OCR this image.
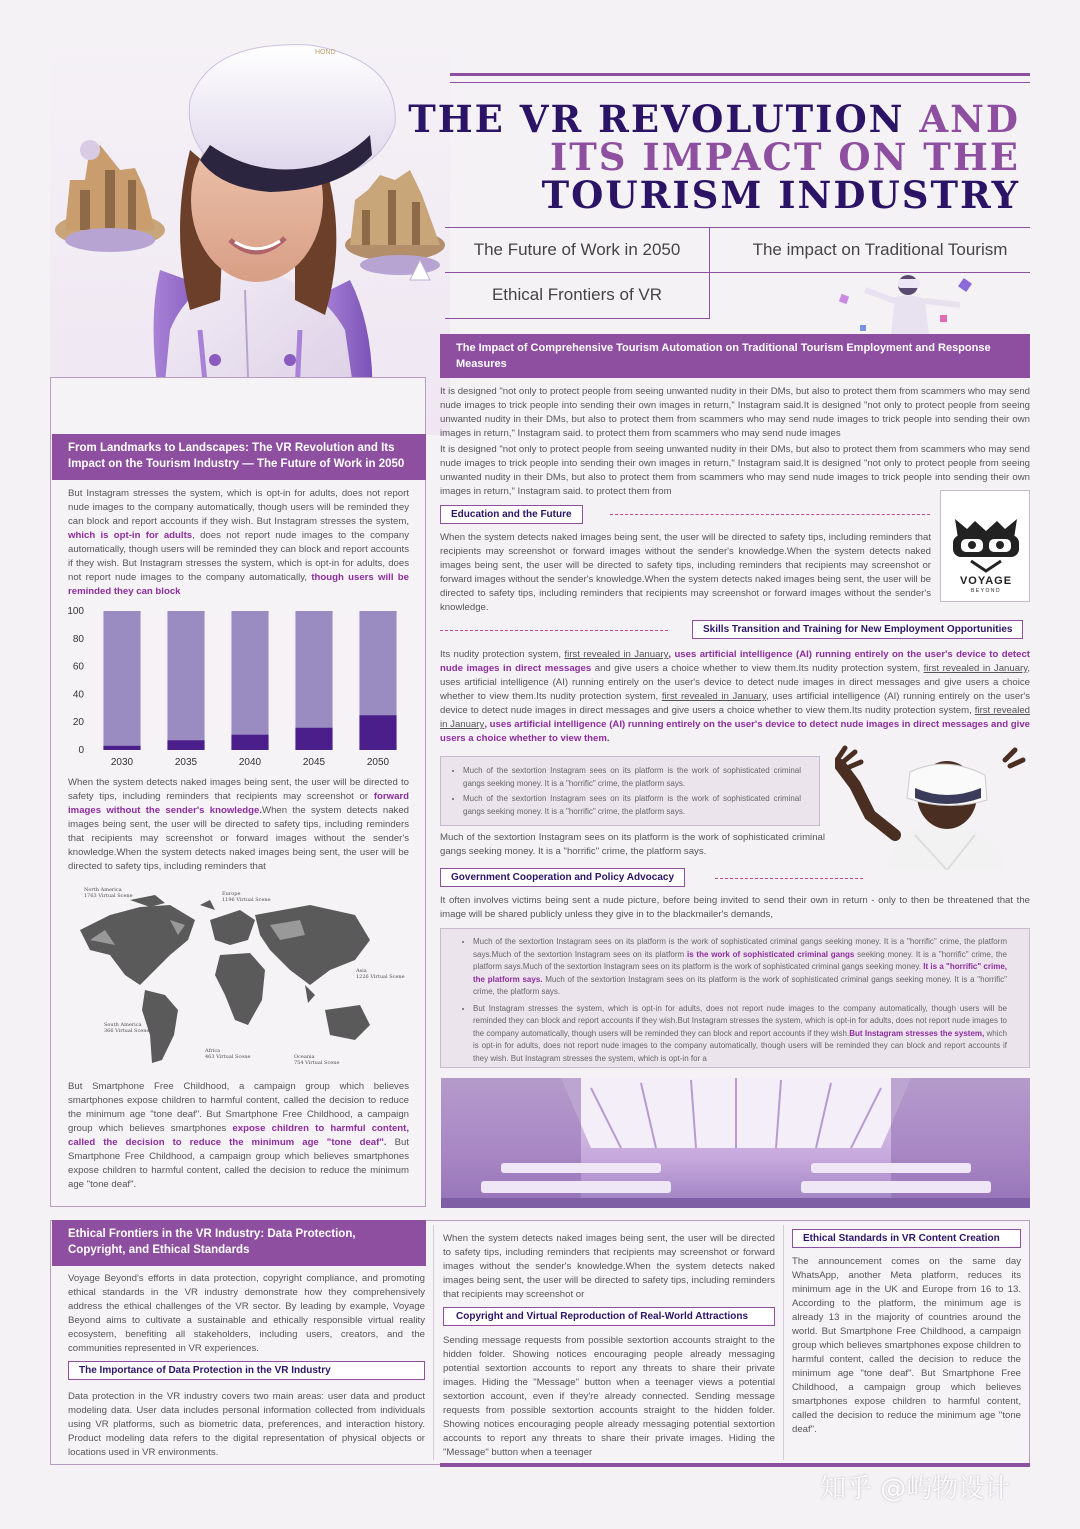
HOND
THE VR REVOLUTION AND
ITS IMPACT ON THE
TOURISM INDUSTRY
The Future of Work in 2050	The impact on Traditional Tourism
Ethical Frontiers of VR
From Landmarks to Landscapes: The VR Revolution and Its Impact on the Tourism Industry — The Future of Work in 2050

But Instagram stresses the system, which is opt-in for adults, does not report nude images to the company automatically, though users will be reminded they can block and report accounts if they wish. But Instagram stresses the system, which is opt-in for adults, does not report nude images to the company automatically, though users will be reminded they can block and report accounts if they wish. But Instagram stresses the system, which is opt-in for adults, does not report nude images to the company automatically, though users will be reminded they can block

0
20
40
60
80
100
2030	2035	2040	2045	2050

When the system detects naked images being sent, the user will be directed to safety tips, including reminders that recipients may screenshot or forward images without the sender's knowledge.When the system detects naked images being sent, the user will be directed to safety tips, including reminders that recipients may screenshot or forward images without the sender's knowledge.When the system detects naked images being sent, the user will be directed to safety tips, including reminders that

North America
1763 Virtual Scene	Europe
1196 Virtual Scene
Asia
1226 Virtual Scene
South America
366 Virtual Scene
Africa
463 Virtual Scene	Oceania
754 Virtual Scene

But Smartphone Free Childhood, a campaign group which believes smartphones expose children to harmful content, called the decision to reduce the minimum age "tone deaf". But Smartphone Free Childhood, a campaign group which believes smartphones expose children to harmful content, called the decision to reduce the minimum age "tone deaf". But Smartphone Free Childhood, a campaign group which believes smartphones expose children to harmful content, called the decision to reduce the minimum age "tone deaf".

The Impact of Comprehensive Tourism Automation on Traditional Tourism Employment and Response Measures

It is designed "not only to protect people from seeing unwanted nudity in their DMs, but also to protect them from scammers who may send nude images to trick people into sending their own images in return," Instagram said.It is designed "not only to protect people from seeing unwanted nudity in their DMs, but also to protect them from scammers who may send nude images to trick people into sending their own images in return," Instagram said. to protect them from scammers who may send nude images

It is designed "not only to protect people from seeing unwanted nudity in their DMs, but also to protect them from scammers who may send nude images to trick people into sending their own images in return," Instagram said.It is designed "not only to protect people from seeing unwanted nudity in their DMs, but also to protect them from scammers who may send nude images to trick people into sending their own images in return," Instagram said. to protect them from

Education and the Future

When the system detects naked images being sent, the user will be directed to safety tips, including reminders that recipients may screenshot or forward images without the sender's knowledge.When the system detects naked images being sent, the user will be directed to safety tips, including reminders that recipients may screenshot or forward images without the sender's knowledge.When the system detects naked images being sent, the user will be directed to safety tips, including reminders that recipients may screenshot or forward images without the sender's knowledge.

VOYAGE
BEYOND
Skills Transition and Training for New Employment Opportunities

Its nudity protection system, first revealed in January, uses artificial intelligence (AI) running entirely on the user's device to detect nude images in direct messages and give users a choice whether to view them.Its nudity protection system, first revealed in January, uses artificial intelligence (AI) running entirely on the user's device to detect nude images in direct messages and give users a choice whether to view them.Its nudity protection system, first revealed in January, uses artificial intelligence (AI) running entirely on the user's device to detect nude images in direct messages and give users a choice whether to view them.Its nudity protection system, first revealed in January, uses artificial intelligence (AI) running entirely on the user's device to detect nude images in direct messages and give users a choice whether to view them.

• Much of the sextortion Instagram sees on its platform is the work of sophisticated criminal gangs seeking money. It is a "horrific" crime, the platform says.
• Much of the sextortion Instagram sees on its platform is the work of sophisticated criminal gangs seeking money. It is a "horrific" crime, the platform says.

Much of the sextortion Instagram sees on its platform is the work of sophisticated criminal gangs seeking money. It is a "horrific" crime, the platform says.

Government Cooperation and Policy Advocacy

It often involves victims being sent a nude picture, before being invited to send their own in return - only to then be threatened that the image will be shared publicly unless they give in to the blackmailer's demands,

• Much of the sextortion Instagram sees on its platform is the work of sophisticated criminal gangs seeking money. It is a "horrific" crime, the platform says.Much of the sextortion Instagram sees on its platform is the work of sophisticated criminal gangs seeking money. It is a "horrific" crime, the platform says.Much of the sextortion Instagram sees on its platform is the work of sophisticated criminal gangs seeking money. It is a "horrific" crime, the platform says. Much of the sextortion Instagram sees on its platform is the work of sophisticated criminal gangs seeking money. It is a "horrific" crime, the platform says.
• But Instagram stresses the system, which is opt-in for adults, does not report nude images to the company automatically, though users will be reminded they can block and report accounts if they wish.But Instagram stresses the system, which is opt-in for adults, does not report nude images to the company automatically, though users will be reminded they can block and report accounts if they wish.But Instagram stresses the system, which is opt-in for adults, does not report nude images to the company automatically, though users will be reminded they can block and report accounts if they wish. But Instagram stresses the system, which is opt-in for a
Ethical Frontiers in the VR Industry: Data Protection, Copyright, and Ethical Standards

Voyage Beyond's efforts in data protection, copyright compliance, and promoting ethical standards in the VR industry demonstrate how they comprehensively address the ethical challenges of the VR sector. By leading by example, Voyage Beyond aims to cultivate a sustainable and ethically responsible virtual reality ecosystem, benefiting all stakeholders, including users, creators, and the communities represented in VR experiences.

The Importance of Data Protection in the VR Industry

Data protection in the VR industry covers two main areas: user data and product modeling data. User data includes personal information collected from individuals using VR platforms, such as biometric data, preferences, and interaction history. Product modeling data refers to the digital representation of physical objects or locations used in VR environments.

When the system detects naked images being sent, the user will be directed to safety tips, including reminders that recipients may screenshot or forward images without the sender's knowledge.When the system detects naked images being sent, the user will be directed to safety tips, including reminders that recipients may screenshot or

Copyright and Virtual Reproduction of Real-World Attractions

Sending message requests from possible sextortion accounts straight to the hidden folder. Showing notices encouraging people already messaging potential sextortion accounts to report any threats to share their private images. Hiding the "Message" button when a teenager views a potential sextortion account, even if they're already connected. Sending message requests from possible sextortion accounts straight to the hidden folder. Showing notices encouraging people already messaging potential sextortion accounts to report any threats to share their private images. Hiding the "Message" button when a teenager

Ethical Standards in VR Content Creation

The announcement comes on the same day WhatsApp, another Meta platform, reduces its minimum age in the UK and Europe from 16 to 13. According to the platform, the minimum age is already 13 in the majority of countries around the world. But Smartphone Free Childhood, a campaign group which believes smartphones expose children to harmful content, called the decision to reduce the minimum age "tone deaf". But Smartphone Free Childhood, a campaign group which believes smartphones expose children to harmful content, called the decision to reduce the minimum age "tone deaf".

知乎 @屿物设计
